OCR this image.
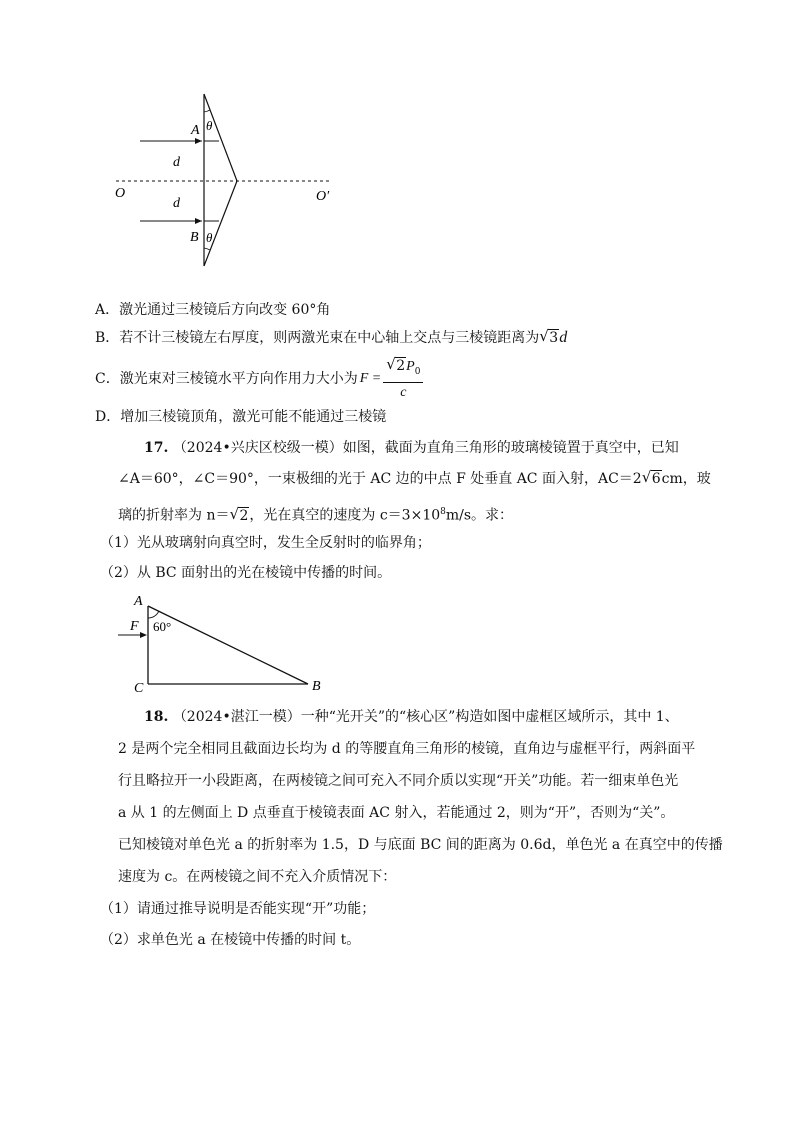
A θ
d
O	O′
d
B θ
A．激光通过三棱镜后方向改变 60°角
B．若不计三棱镜左右厚度，则两激光束在中心轴上交点与三棱镜距离为 √ 3d
C．激光束对三棱镜水平方向作用力大小为 $F = \frac{√ 2P_0}{c}$
D．增加三棱镜顶角，激光可能不能通过三棱镜
17. （2024•兴庆区校级一模）如图，截面为直角三角形的玻璃棱镜置于真空中，已知
∠A＝60°，∠C＝90°，一束极细的光于 AC 边的中点 F 处垂直 AC 面入射，AC＝2 √ 6cm，玻
璃的折射率为 n＝ √ 2，光在真空的速度为 $c=3\times 10^8m/s$。求：
（1）光从玻璃射向真空时，发生全反射时的临界角；
（2）从 BC 面射出的光在棱镜中传播的时间。
A
F 60°
C	B
18. （2024•湛江一模）一种“光开关”的“核心区”构造如图中虚框区域所示，其中 1、
2 是两个完全相同且截面边长均为 d 的等腰直角三角形的棱镜，直角边与虚框平行，两斜面平
行且略拉开一小段距离，在两棱镜之间可充入不同介质以实现“开关”功能。若一细束单色光
a 从 1 的左侧面上 D 点垂直于棱镜表面 AC 射入，若能通过 2，则为“开”，否则为“关”。
已知棱镜对单色光 a 的折射率为 1.5，D 与底面 BC 间的距离为 0.6d，单色光 a 在真空中的传播
速度为 c。在两棱镜之间不充入介质情况下：
（1）请通过推导说明是否能实现“开”功能；
（2）求单色光 a 在棱镜中传播的时间 t。
